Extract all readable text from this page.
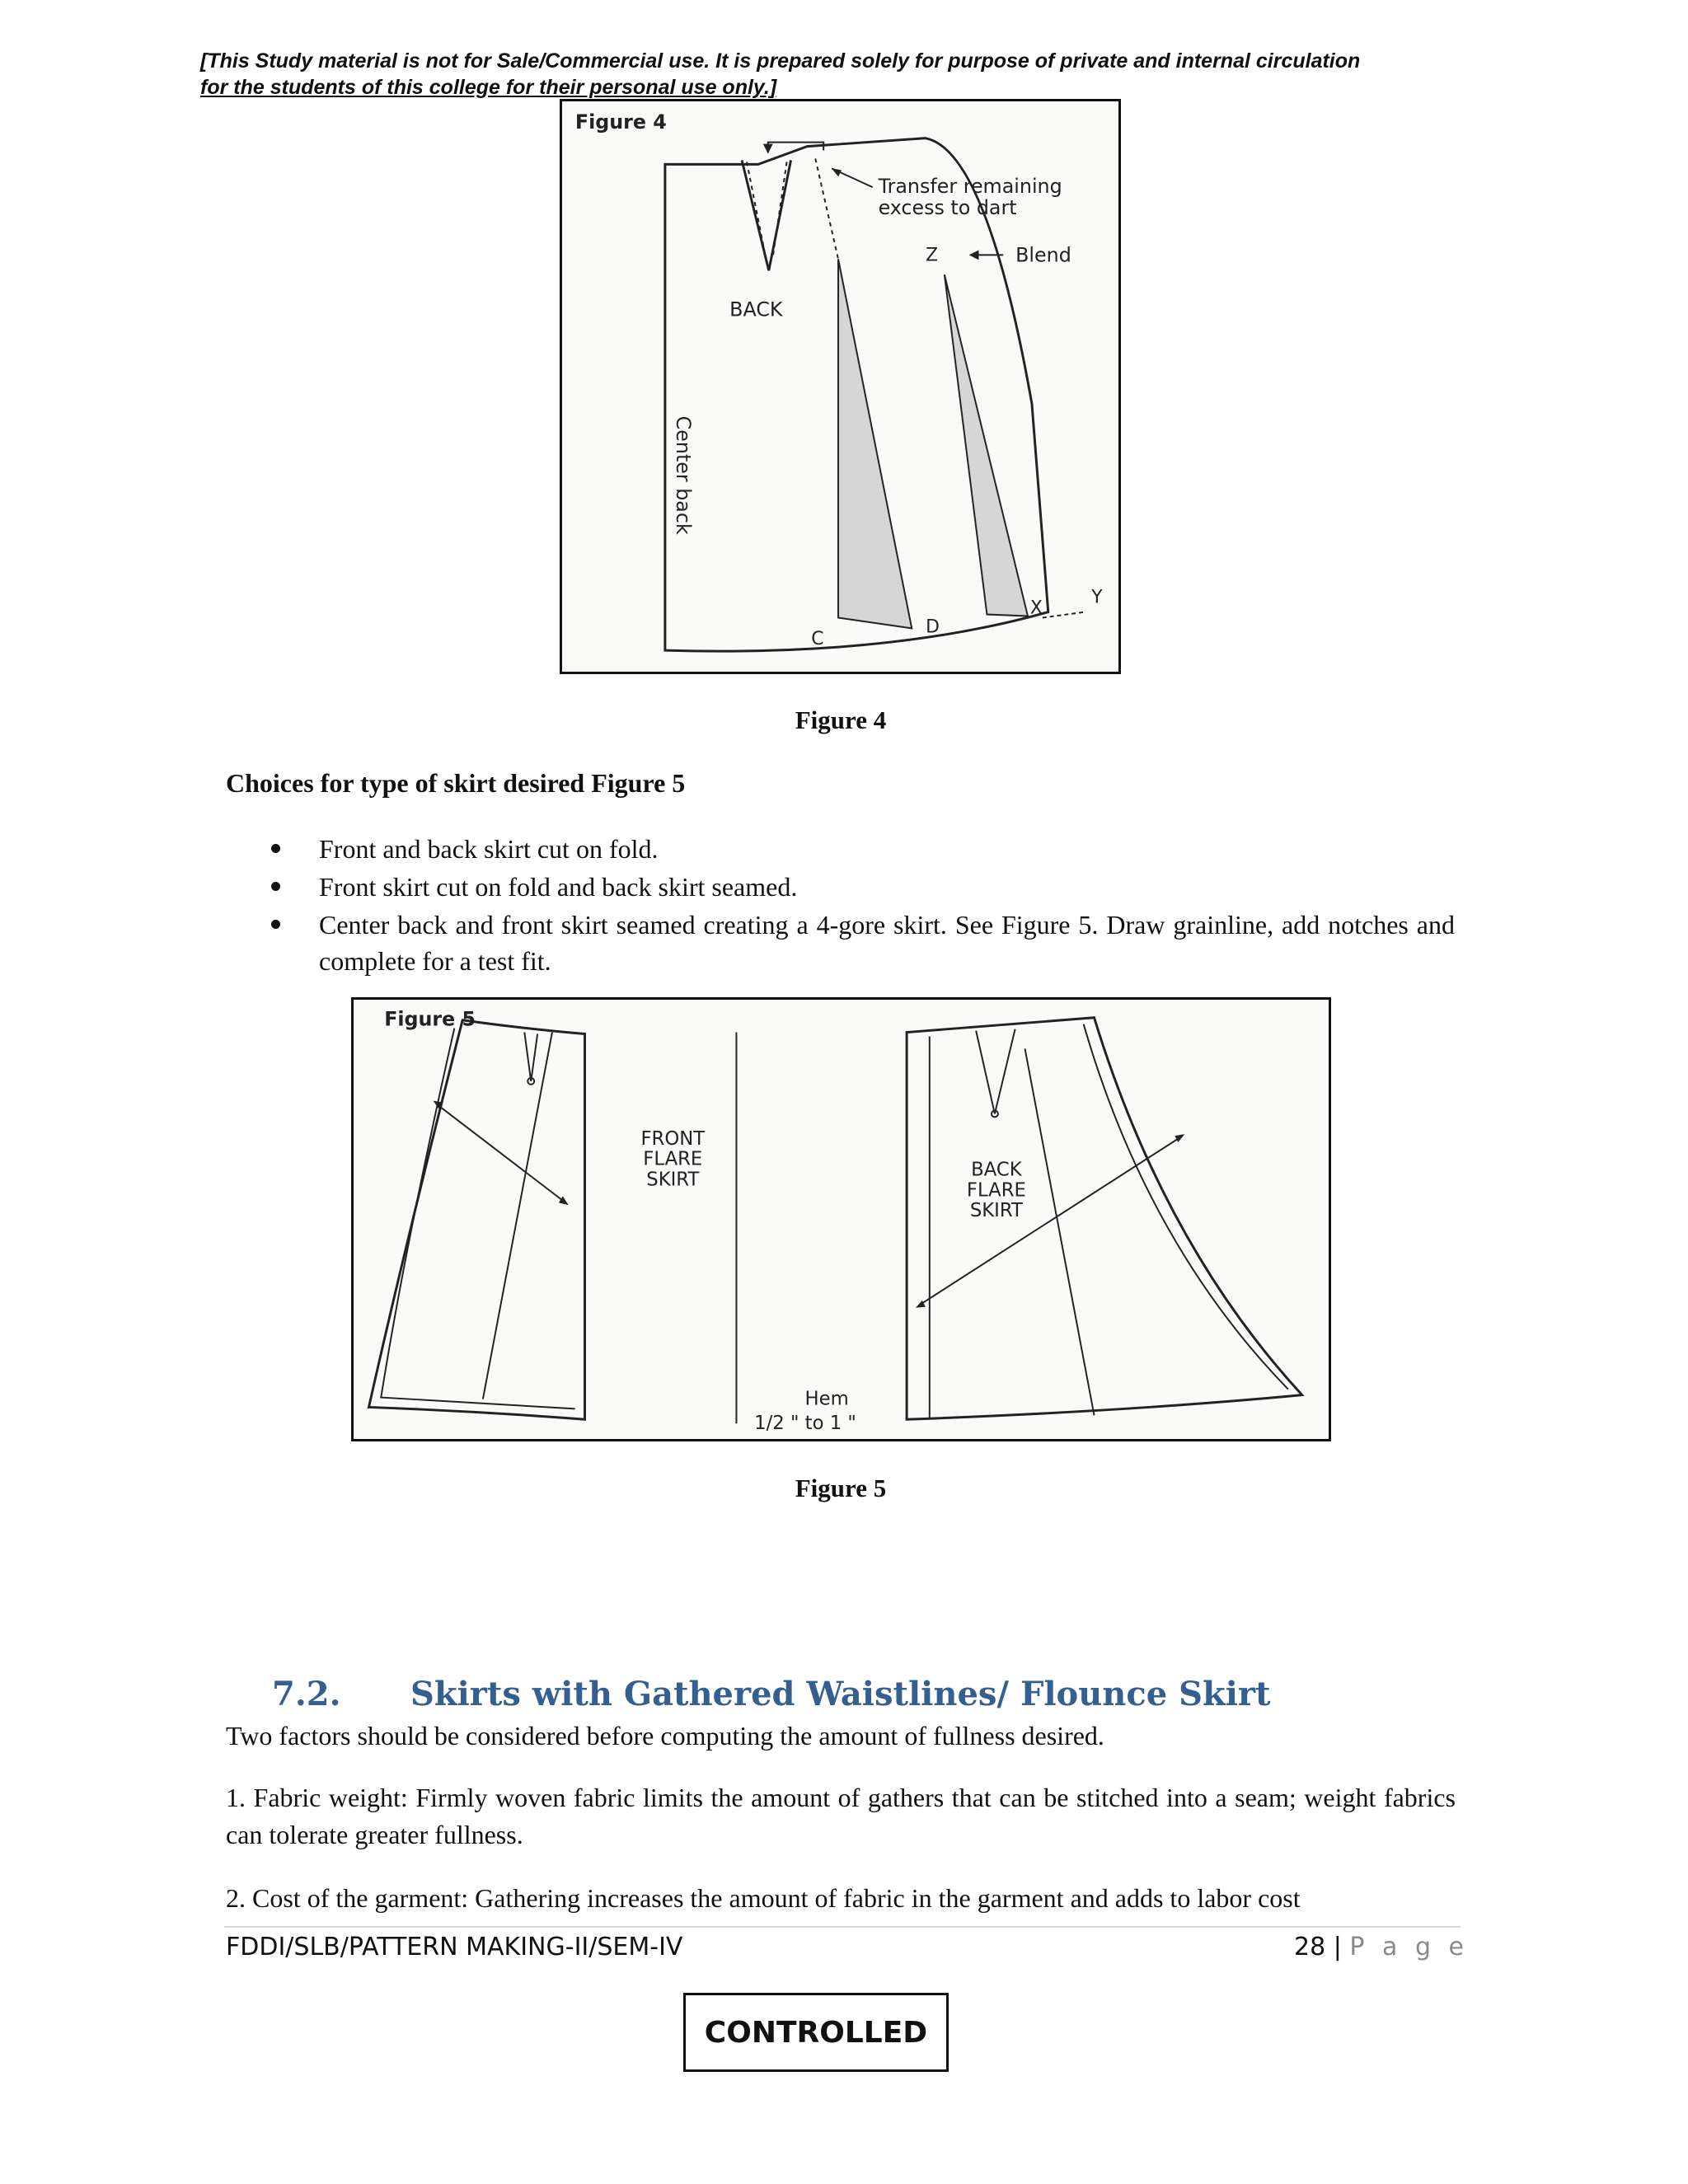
[This Study material is not for Sale/Commercial use. It is prepared solely for purpose of private and internal circulation
for the students of this college for their personal use only.]
Figure 4
Transfer remaining
excess to dart
Z	Blend
BACK
Center back
C
D
X
Y
Figure 4
Choices for type of skirt desired Figure 5
Front and back skirt cut on fold.
Front skirt cut on fold and back skirt seamed.
Center back and front skirt seamed creating a 4-gore skirt. See Figure 5. Draw grainline, add notches and complete for a test fit.
Figure 5
FRONT
FLARE
SKIRT	BACK
FLARE
SKIRT
Hem
1/2 " to 1 "
Figure 5
7.2. Skirts with Gathered Waistlines/ Flounce Skirt
Two factors should be considered before computing the amount of fullness desired.
1. Fabric weight: Firmly woven fabric limits the amount of gathers that can be stitched into a seam; weight fabrics can tolerate greater fullness.
2. Cost of the garment: Gathering increases the amount of fabric in the garment and adds to labor cost
FDDI/SLB/PATTERN MAKING-II/SEM-IV	28 | P a g e
CONTROLLED
